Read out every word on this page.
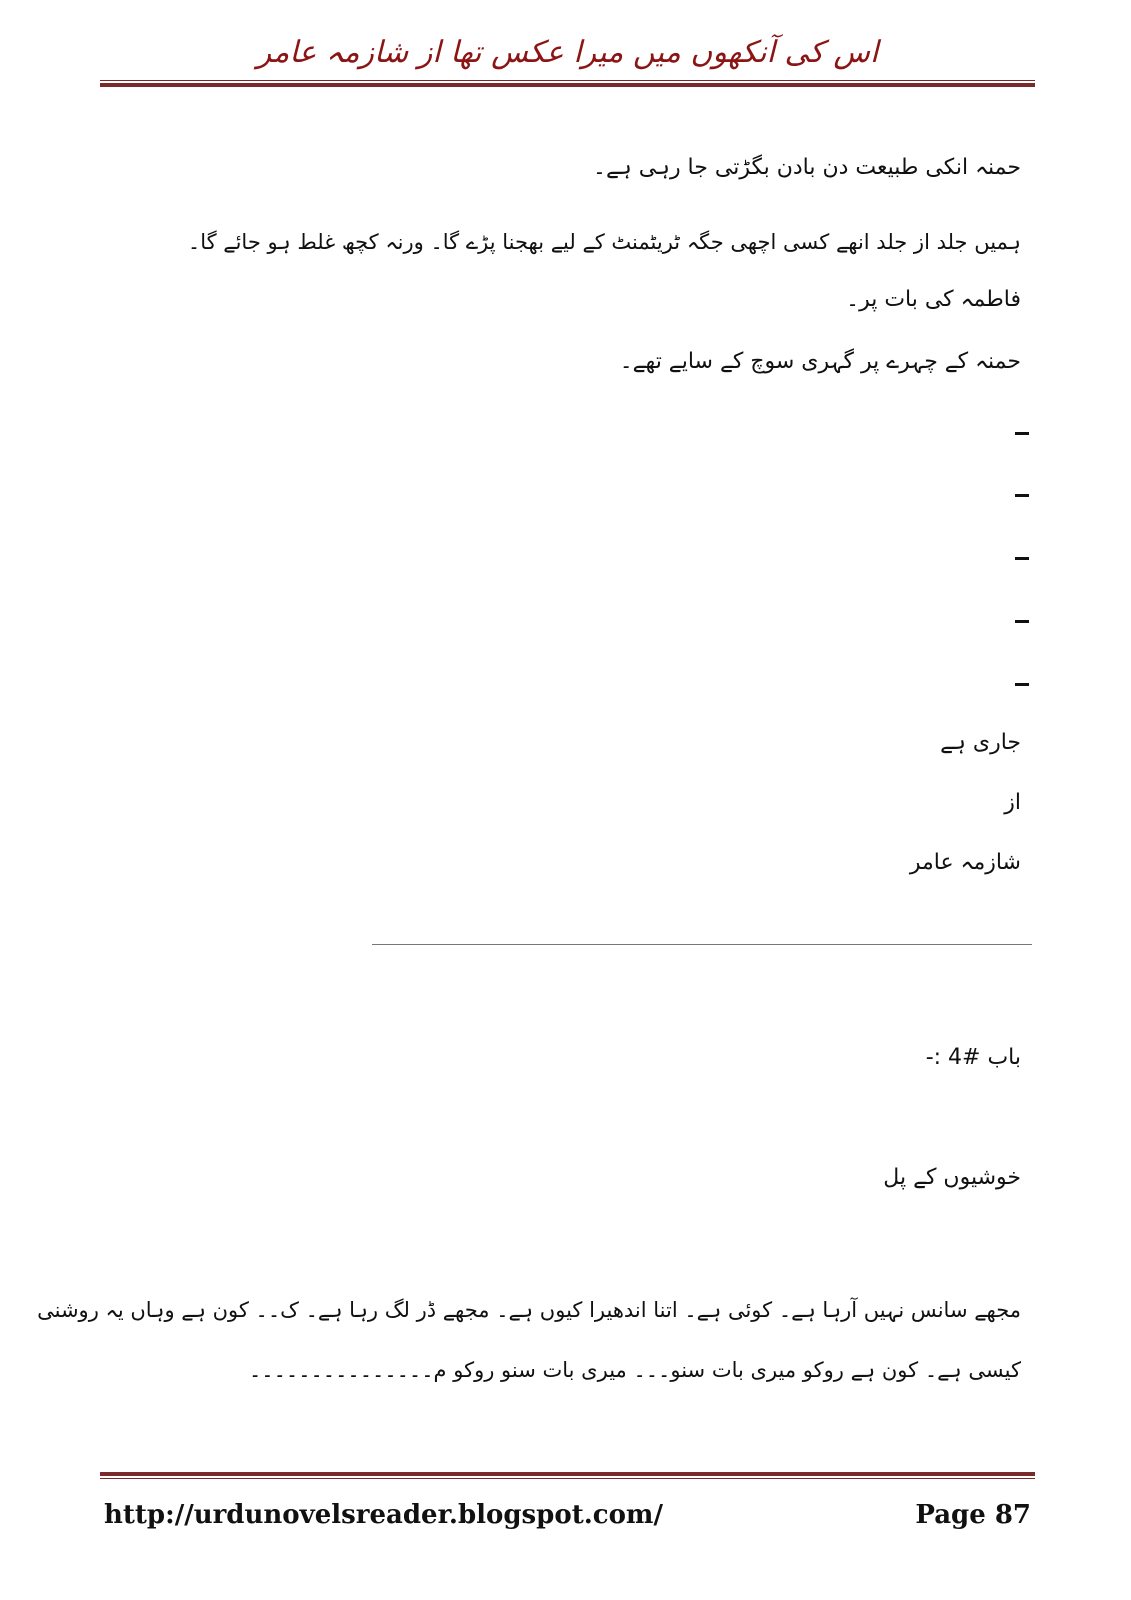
اس کی آنکھوں میں میرا عکس تھا از شازمہ عامر
حمنہ انکی طبیعت دن بادن بگڑتی جا رہی ہے۔
ہمیں جلد از جلد انھے کسی اچھی جگہ ٹریٹمنٹ کے لیے بھجنا پڑے گا۔ ورنہ کچھ غلط ہو جائے گا۔
فاطمہ کی بات پر۔
حمنہ کے چہرے پر گہری سوچ کے سایے تھے۔
جاری ہے
از
شازمہ عامر
باب #4 :-
خوشیوں کے پل
مجھے سانس نہیں آرہا ہے۔ کوئی ہے۔ اتنا اندھیرا کیوں ہے۔ مجھے ڈر لگ رہا ہے۔ ک۔۔ کون ہے وہاں یہ روشنی
کیسی ہے۔ کون ہے روکو میری بات سنو۔۔۔ میری بات سنو روکو م۔۔۔۔۔۔۔۔۔۔۔۔۔۔۔
http://urdunovelsreader.blogspot.com/	Page 87
